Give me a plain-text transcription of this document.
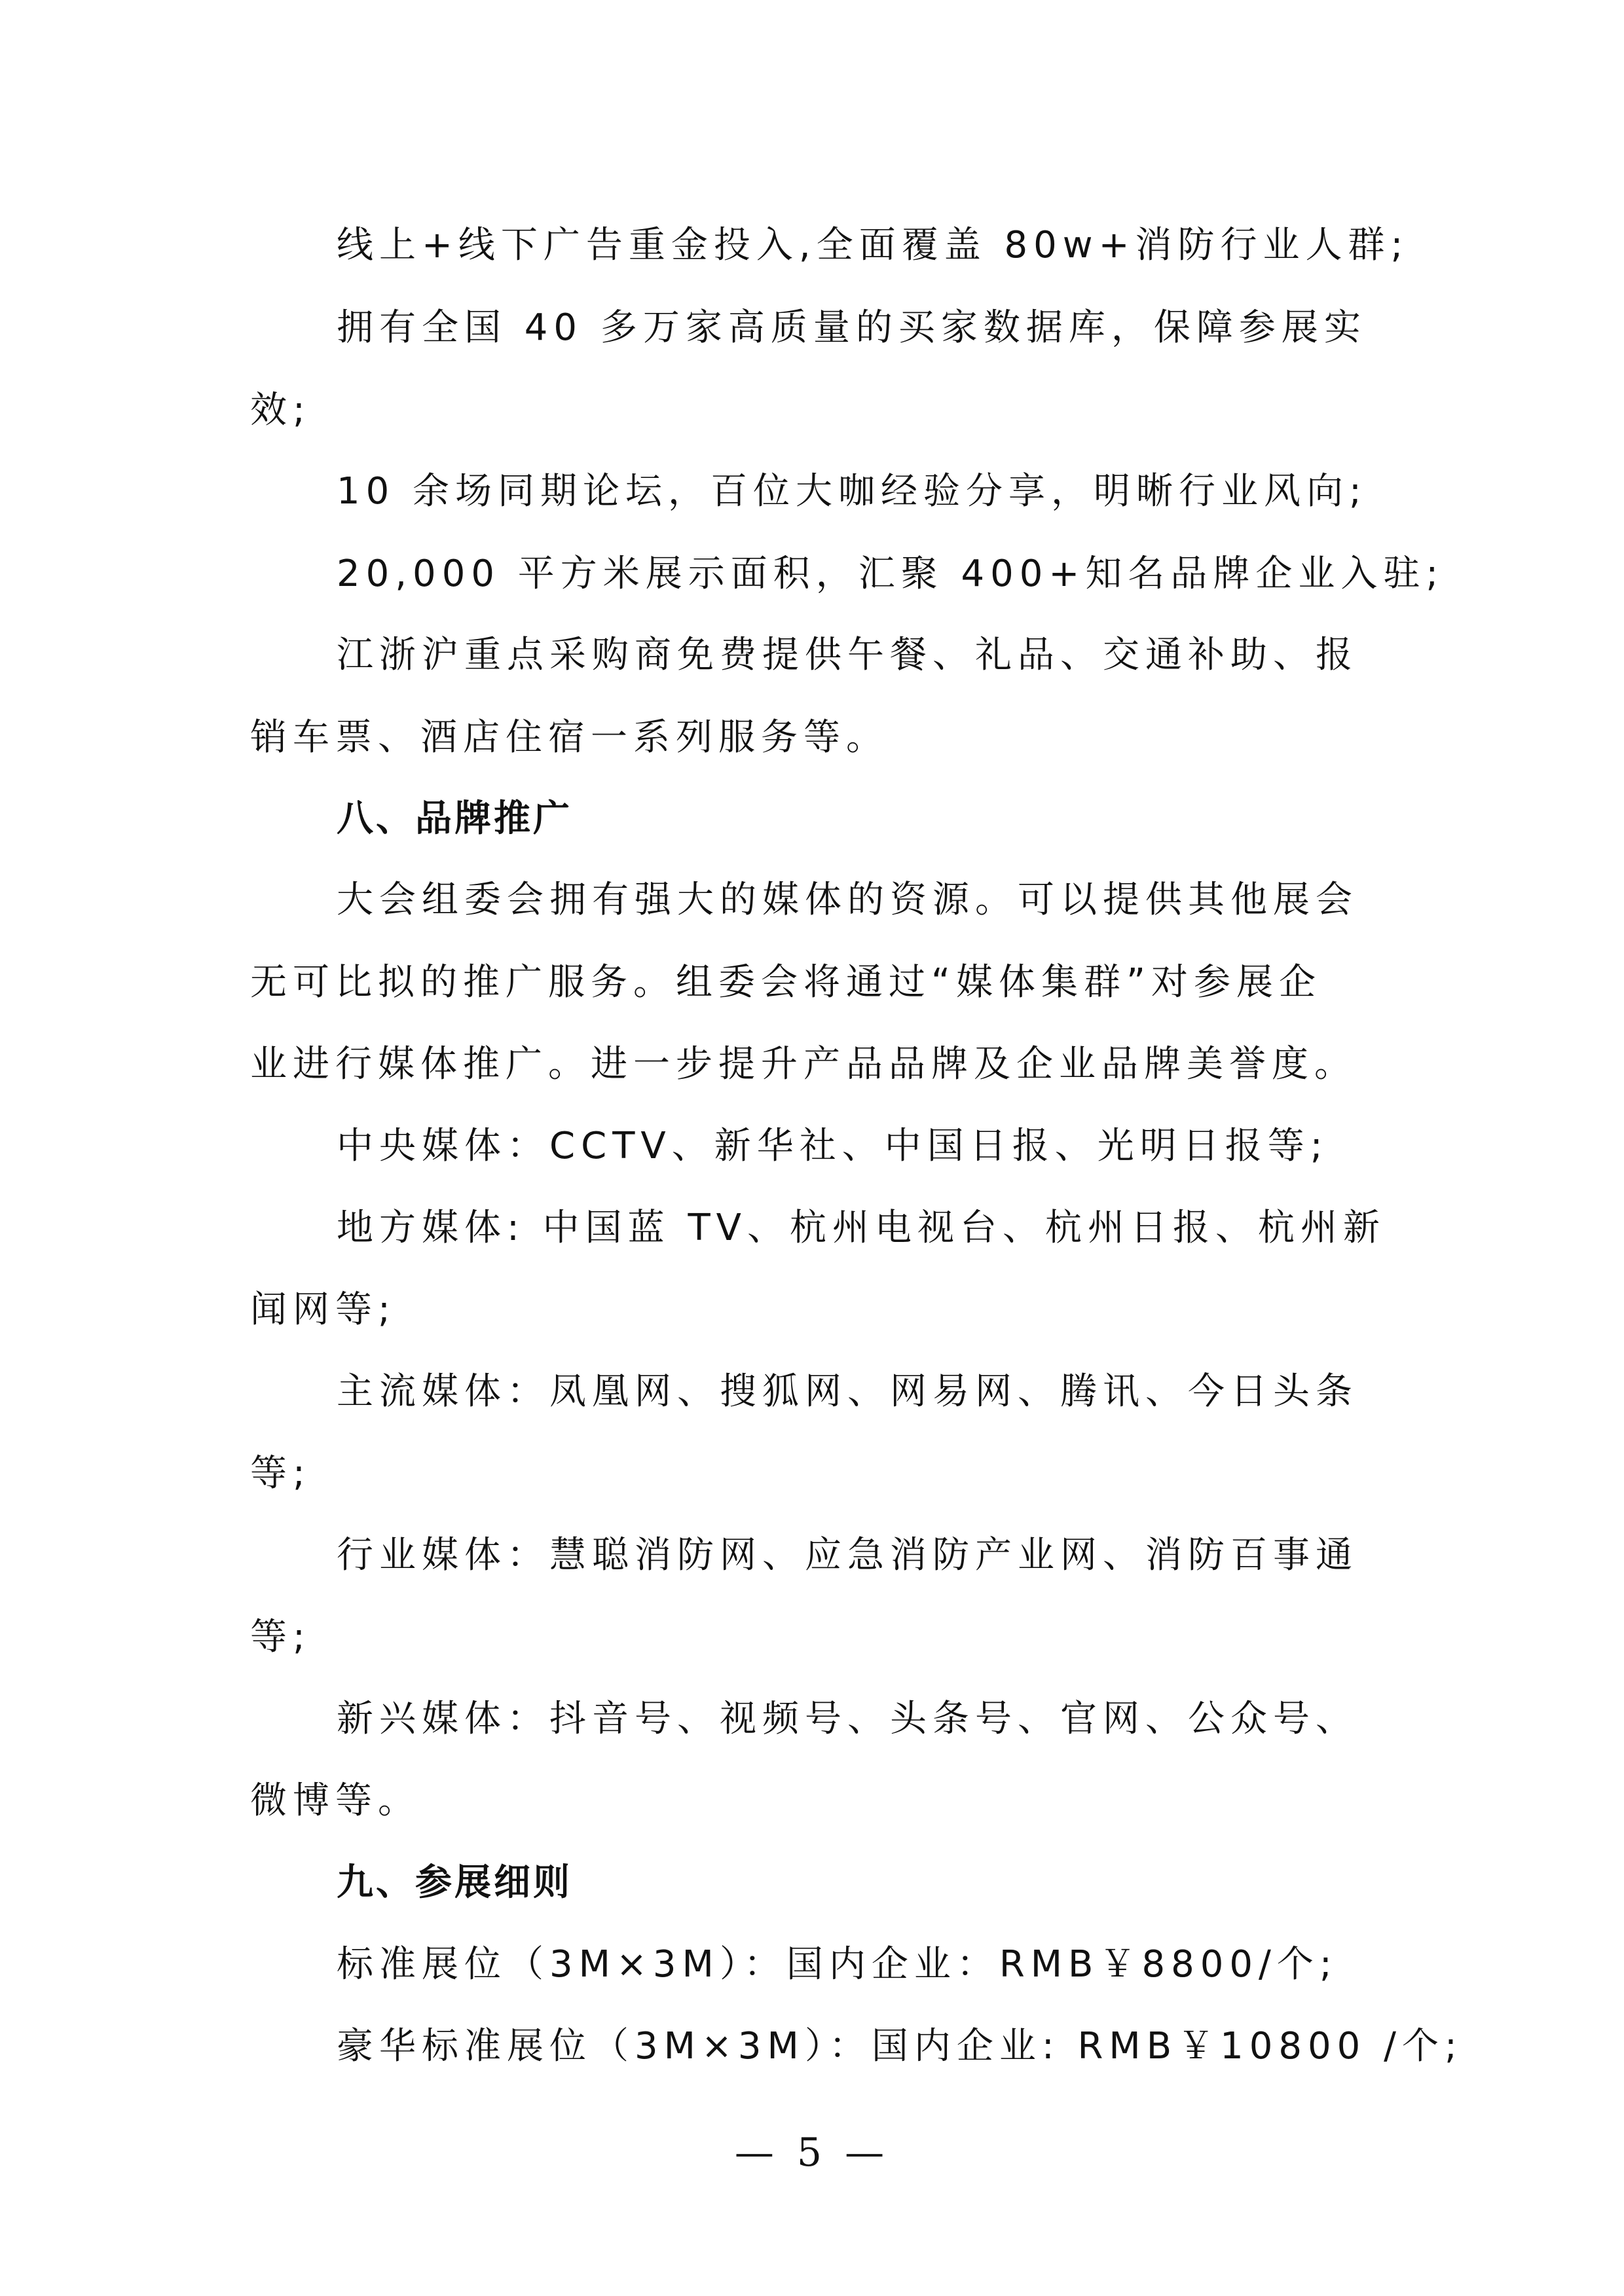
线上+线下广告重金投入,全面覆盖 80w+消防行业人群;
拥有全国 40 多万家高质量的买家数据库，保障参展实
效;
10 余场同期论坛，百位大咖经验分享，明晰行业风向;
20,000 平方米展示面积，汇聚 400+知名品牌企业入驻;
江浙沪重点采购商免费提供午餐、礼品、交通补助、报
销车票、酒店住宿一系列服务等。
八、品牌推广
大会组委会拥有强大的媒体的资源。可以提供其他展会
无可比拟的推广服务。组委会将通过“媒体集群”对参展企
业进行媒体推广。进一步提升产品品牌及企业品牌美誉度。
中央媒体：CCTV、新华社、中国日报、光明日报等;
地方媒体: 中国蓝 TV、杭州电视台、杭州日报、杭州新
闻网等;
主流媒体：凤凰网、搜狐网、网易网、腾讯、今日头条
等;
行业媒体：慧聪消防网、应急消防产业网、消防百事通
等;
新兴媒体：抖音号、视频号、头条号、官网、公众号、
微博等。
九、参展细则
标准展位（3M×3M）：国内企业：RMB￥8800/个;
豪华标准展位（3M×3M）：国内企业: RMB￥10800 /个;
— 5 —
